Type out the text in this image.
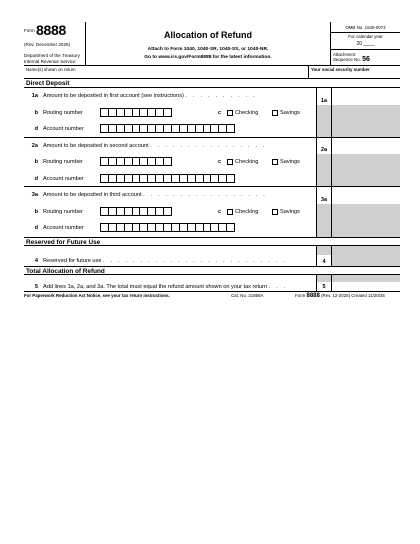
Form 8888
(Rev. December 2025)
Department of the Treasury
Internal Revenue Service
Allocation of Refund
Attach to Form 1040, 1040-SR, 1040-SS, or 1040-NR.
Go to www.irs.gov/Form8888 for the latest information.
OMB No. 1545-0074
For calendar year
20 ____
Attachment
Sequence No. 56
Name(s) shown on return	Your social security number
Direct Deposit
1a Amount to be deposited in first account (see instructions) . . . . . . . . . .
1a
b Routing number	c Checking	Savings
d Account number
2a Amount to be deposited in second account . . . . . . . . . . . . . . . .
2a
b Routing number	c Checking	Savings
d Account number
3a Amount to be deposited in third account . . . . . . . . . . . . . . . . .
3a
b Routing number	c Checking	Savings
d Account number
Reserved for Future Use
4 Reserved for future use . . . . . . . . . . . . . . . . . . . . . . . . .	4
Total Allocation of Refund
5 Add lines 1a, 2a, and 3a. The total must equal the refund amount shown on your tax return . . .	5
For Paperwork Reduction Act Notice, see your tax return instructions.	Cat. No. 21858A	Form 8888 (Rev. 12-2025) Created 11/20/25
